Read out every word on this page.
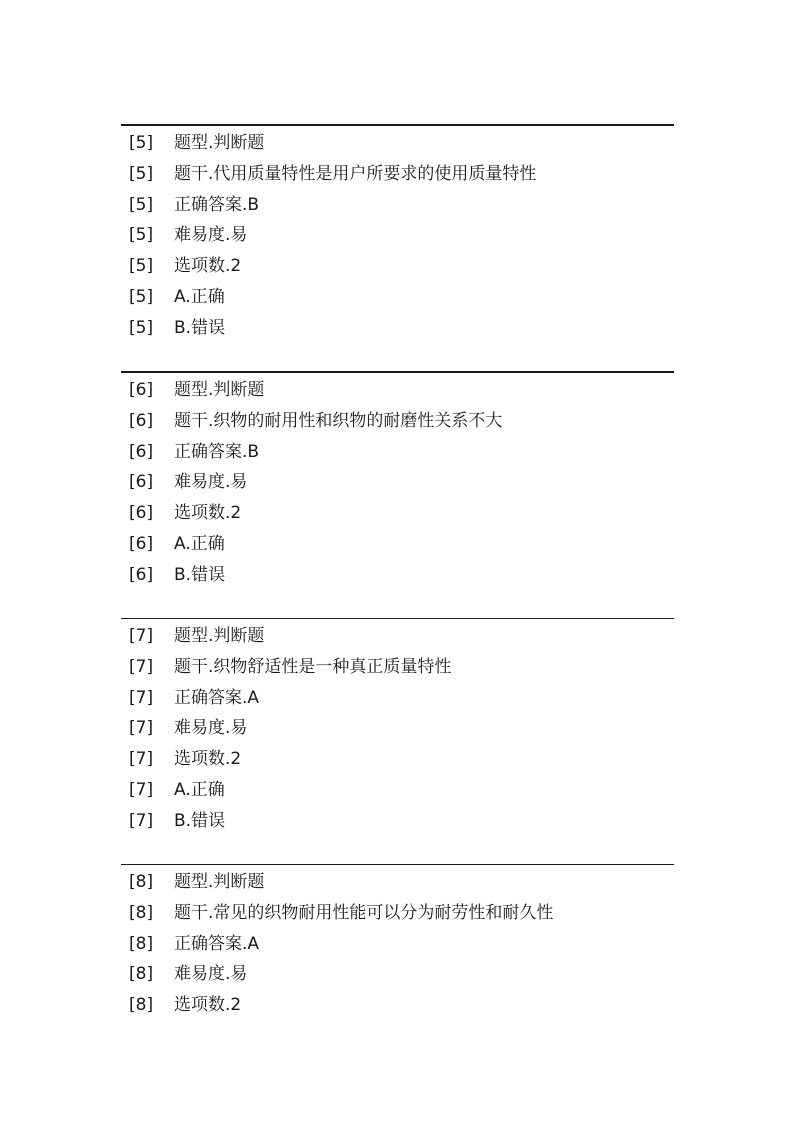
[5] 题型.判断题
[5] 题干.代用质量特性是用户所要求的使用质量特性
[5] 正确答案.B
[5] 难易度.易
[5] 选项数.2
[5] A.正确
[5] B.错误
[6] 题型.判断题
[6] 题干.织物的耐用性和织物的耐磨性关系不大
[6] 正确答案.B
[6] 难易度.易
[6] 选项数.2
[6] A.正确
[6] B.错误
[7] 题型.判断题
[7] 题干.织物舒适性是一种真正质量特性
[7] 正确答案.A
[7] 难易度.易
[7] 选项数.2
[7] A.正确
[7] B.错误
[8] 题型.判断题
[8] 题干.常见的织物耐用性能可以分为耐劳性和耐久性
[8] 正确答案.A
[8] 难易度.易
[8] 选项数.2
